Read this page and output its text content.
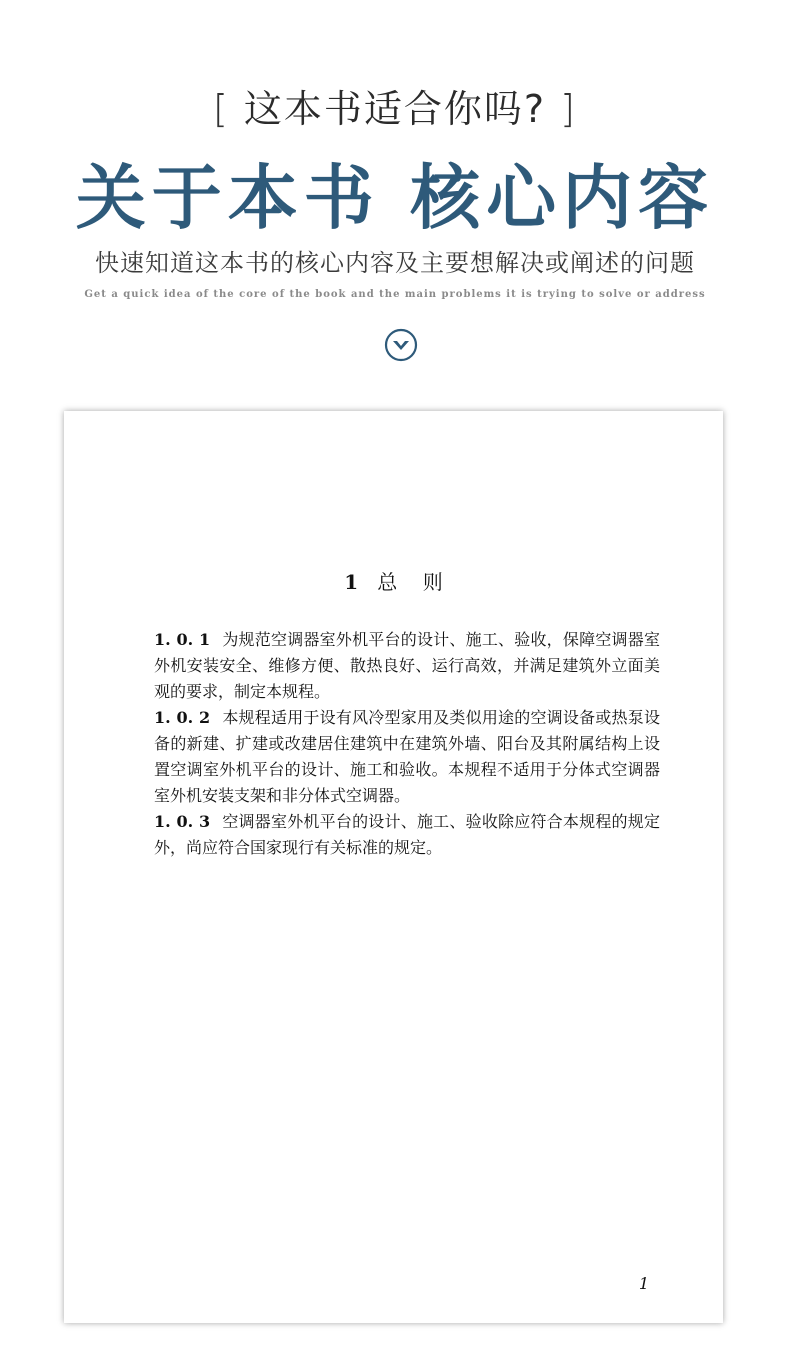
[ 这本书适合你吗? ]
关于本书 核心内容
快速知道这本书的核心内容及主要想解决或阐述的问题
Get a quick idea of the core of the book and the main problems it is trying to solve or address
1 总    则

1. 0. 1 为规范空调器室外机平台的设计、施工、验收，保障空调器室外机安装安全、维修方便、散热良好、运行高效，并满足建筑外立面美观的要求，制定本规程。

1. 0. 2 本规程适用于设有风冷型家用及类似用途的空调设备或热泵设备的新建、扩建或改建居住建筑中在建筑外墙、阳台及其附属结构上设置空调室外机平台的设计、施工和验收。本规程不适用于分体式空调器室外机安装支架和非分体式空调器。

1. 0. 3 空调器室外机平台的设计、施工、验收除应符合本规程的规定外，尚应符合国家现行有关标准的规定。

1
